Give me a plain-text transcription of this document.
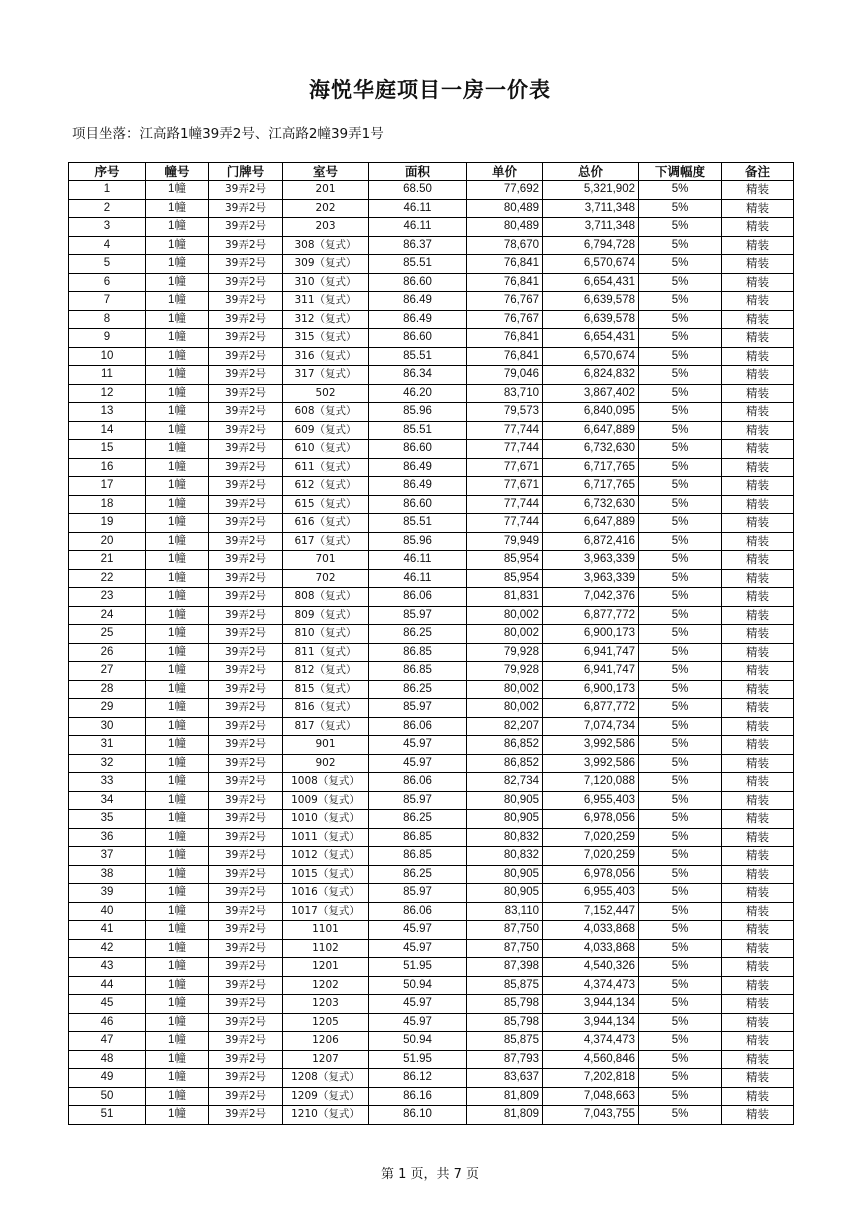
海悦华庭项目一房一价表
项目坐落：江高路1幢39弄2号、江高路2幢39弄1号
序号	幢号	门牌号	室号	面积	单价	总价	下调幅度	备注
1	1幢	39弄2号	201	68.50	77,692	5,321,902	5%	精装
2	1幢	39弄2号	202	46.11	80,489	3,711,348	5%	精装
3	1幢	39弄2号	203	46.11	80,489	3,711,348	5%	精装
4	1幢	39弄2号	308（复式）	86.37	78,670	6,794,728	5%	精装
5	1幢	39弄2号	309（复式）	85.51	76,841	6,570,674	5%	精装
6	1幢	39弄2号	310（复式）	86.60	76,841	6,654,431	5%	精装
7	1幢	39弄2号	311（复式）	86.49	76,767	6,639,578	5%	精装
8	1幢	39弄2号	312（复式）	86.49	76,767	6,639,578	5%	精装
9	1幢	39弄2号	315（复式）	86.60	76,841	6,654,431	5%	精装
10	1幢	39弄2号	316（复式）	85.51	76,841	6,570,674	5%	精装
11	1幢	39弄2号	317（复式）	86.34	79,046	6,824,832	5%	精装
12	1幢	39弄2号	502	46.20	83,710	3,867,402	5%	精装
13	1幢	39弄2号	608（复式）	85.96	79,573	6,840,095	5%	精装
14	1幢	39弄2号	609（复式）	85.51	77,744	6,647,889	5%	精装
15	1幢	39弄2号	610（复式）	86.60	77,744	6,732,630	5%	精装
16	1幢	39弄2号	611（复式）	86.49	77,671	6,717,765	5%	精装
17	1幢	39弄2号	612（复式）	86.49	77,671	6,717,765	5%	精装
18	1幢	39弄2号	615（复式）	86.60	77,744	6,732,630	5%	精装
19	1幢	39弄2号	616（复式）	85.51	77,744	6,647,889	5%	精装
20	1幢	39弄2号	617（复式）	85.96	79,949	6,872,416	5%	精装
21	1幢	39弄2号	701	46.11	85,954	3,963,339	5%	精装
22	1幢	39弄2号	702	46.11	85,954	3,963,339	5%	精装
23	1幢	39弄2号	808（复式）	86.06	81,831	7,042,376	5%	精装
24	1幢	39弄2号	809（复式）	85.97	80,002	6,877,772	5%	精装
25	1幢	39弄2号	810（复式）	86.25	80,002	6,900,173	5%	精装
26	1幢	39弄2号	811（复式）	86.85	79,928	6,941,747	5%	精装
27	1幢	39弄2号	812（复式）	86.85	79,928	6,941,747	5%	精装
28	1幢	39弄2号	815（复式）	86.25	80,002	6,900,173	5%	精装
29	1幢	39弄2号	816（复式）	85.97	80,002	6,877,772	5%	精装
30	1幢	39弄2号	817（复式）	86.06	82,207	7,074,734	5%	精装
31	1幢	39弄2号	901	45.97	86,852	3,992,586	5%	精装
32	1幢	39弄2号	902	45.97	86,852	3,992,586	5%	精装
33	1幢	39弄2号	1008（复式）	86.06	82,734	7,120,088	5%	精装
34	1幢	39弄2号	1009（复式）	85.97	80,905	6,955,403	5%	精装
35	1幢	39弄2号	1010（复式）	86.25	80,905	6,978,056	5%	精装
36	1幢	39弄2号	1011（复式）	86.85	80,832	7,020,259	5%	精装
37	1幢	39弄2号	1012（复式）	86.85	80,832	7,020,259	5%	精装
38	1幢	39弄2号	1015（复式）	86.25	80,905	6,978,056	5%	精装
39	1幢	39弄2号	1016（复式）	85.97	80,905	6,955,403	5%	精装
40	1幢	39弄2号	1017（复式）	86.06	83,110	7,152,447	5%	精装
41	1幢	39弄2号	1101	45.97	87,750	4,033,868	5%	精装
42	1幢	39弄2号	1102	45.97	87,750	4,033,868	5%	精装
43	1幢	39弄2号	1201	51.95	87,398	4,540,326	5%	精装
44	1幢	39弄2号	1202	50.94	85,875	4,374,473	5%	精装
45	1幢	39弄2号	1203	45.97	85,798	3,944,134	5%	精装
46	1幢	39弄2号	1205	45.97	85,798	3,944,134	5%	精装
47	1幢	39弄2号	1206	50.94	85,875	4,374,473	5%	精装
48	1幢	39弄2号	1207	51.95	87,793	4,560,846	5%	精装
49	1幢	39弄2号	1208（复式）	86.12	83,637	7,202,818	5%	精装
50	1幢	39弄2号	1209（复式）	86.16	81,809	7,048,663	5%	精装
51	1幢	39弄2号	1210（复式）	86.10	81,809	7,043,755	5%	精装
第 1 页，共 7 页
